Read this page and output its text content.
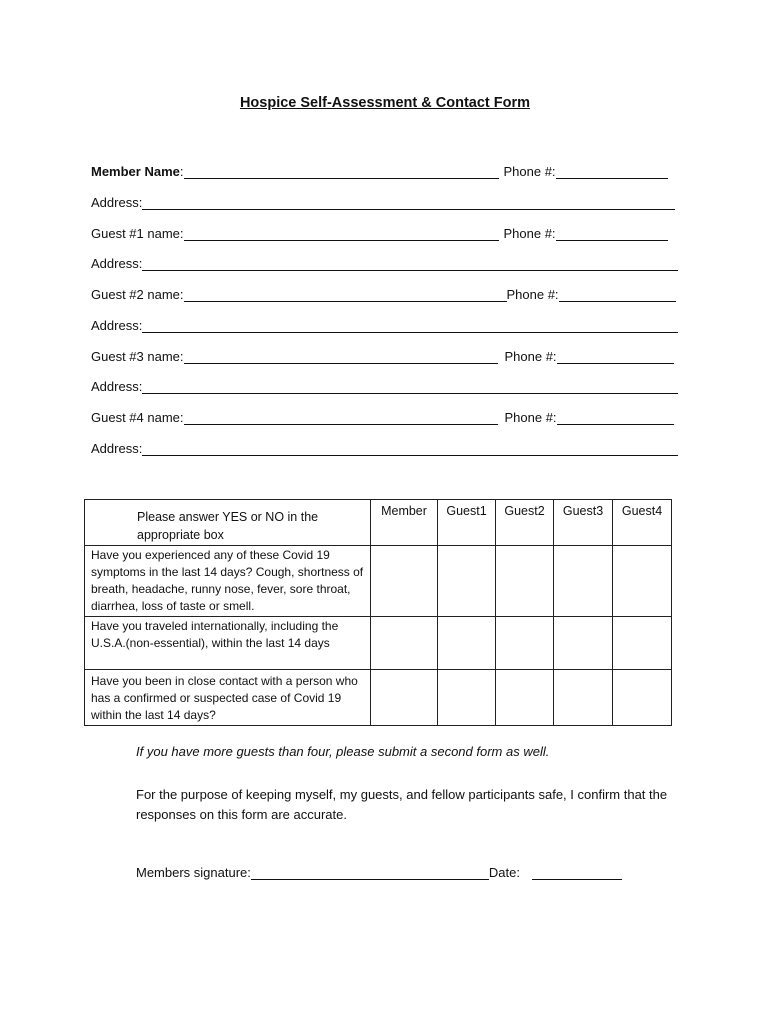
Hospice Self-Assessment & Contact Form
Member Name :	Phone #:
Address:
Guest #1 name:	Phone #:
Address:
Guest #2 name:	Phone #:
Address:
Guest #3 name:	Phone #:
Address:
Guest #4 name:	Phone #:
Address:
Please answer YES or NO in the appropriate box	Member	Guest1	Guest2	Guest3	Guest4
Have you experienced any of these Covid 19 symptoms in the last 14 days? Cough, shortness of breath, headache, runny nose, fever, sore throat, diarrhea, loss of taste or smell.					
Have you traveled internationally, including the U.S.A.(non-essential), within the last 14 days					
Have you been in close contact with a person who has a confirmed or suspected case of Covid 19 within the last 14 days?					
If you have more guests than four, please submit a second form as well.
For the purpose of keeping myself, my guests, and fellow participants safe, I confirm that the responses on this form are accurate.
Members signature:	Date:
